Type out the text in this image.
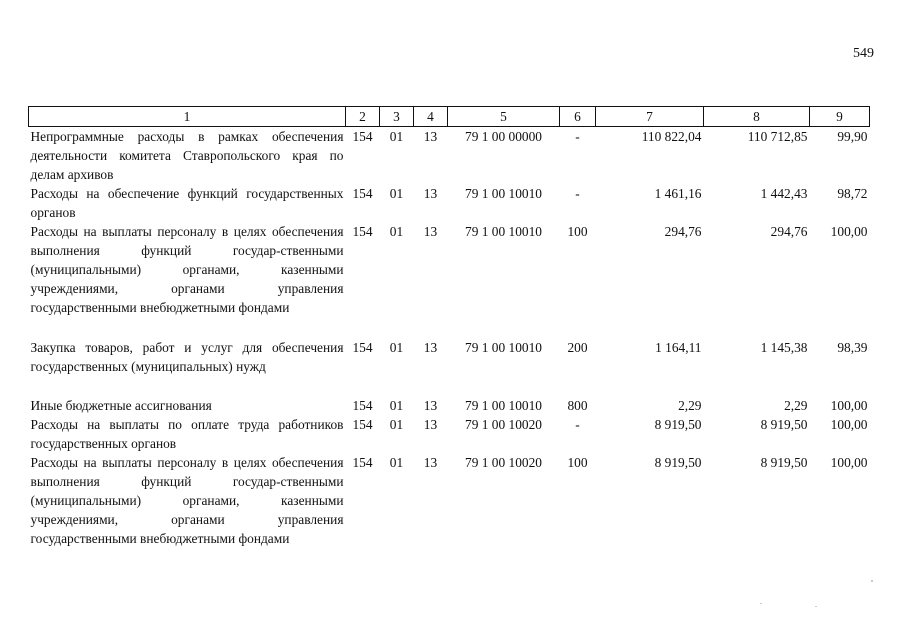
549
1	2	3	4	5	6	7	8	9
Непрограммные расходы в рамках обеспечения деятельности комитета Ставропольского края по делам архивов	154	01	13	79 1 00 00000	-	110 822,04	110 712,85	99,90
Расходы на обеспечение функций государственных органов	154	01	13	79 1 00 10010	-	1 461,16	1 442,43	98,72
Расходы на выплаты персоналу в целях обеспечения выполнения функций государ-ственными (муниципальными) органами, казенными учреждениями, органами управления государственными внебюджетными фондами	154	01	13	79 1 00 10010	100	294,76	294,76	100,00
Закупка товаров, работ и услуг для обеспечения государственных (муниципальных) нужд	154	01	13	79 1 00 10010	200	1 164,11	1 145,38	98,39
Иные бюджетные ассигнования	154	01	13	79 1 00 10010	800	2,29	2,29	100,00
Расходы на выплаты по оплате труда работников государственных органов	154	01	13	79 1 00 10020	-	8 919,50	8 919,50	100,00
Расходы на выплаты персоналу в целях обеспечения выполнения функций государ-ственными (муниципальными) органами, казенными учреждениями, органами управления государственными внебюджетными фондами	154	01	13	79 1 00 10020	100	8 919,50	8 919,50	100,00
